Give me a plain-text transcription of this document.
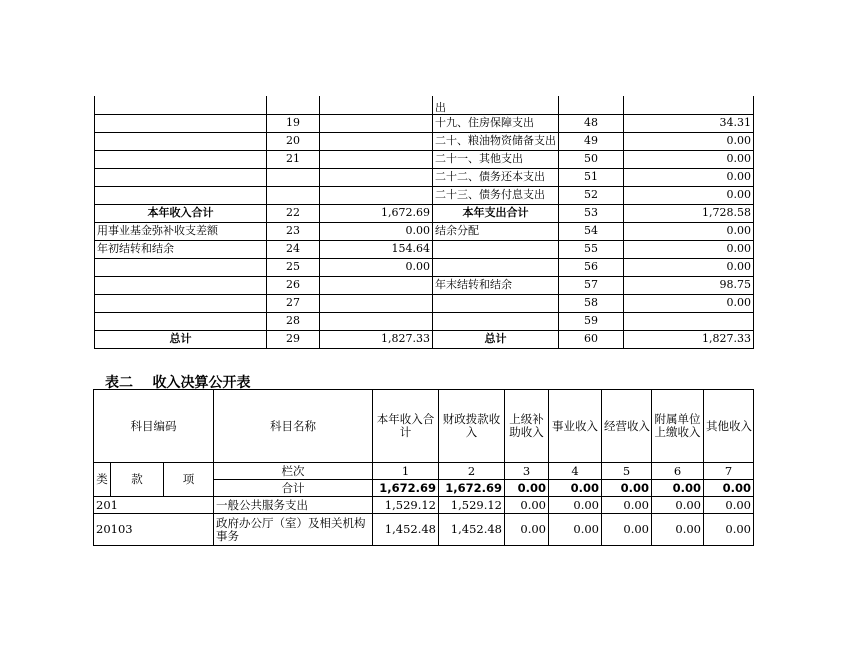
			出		
	19		十九、住房保障支出	48	34.31
	20		二十、粮油物资储备支出	49	0.00
	21		二十一、其他支出	50	0.00
			二十二、债务还本支出	51	0.00
			二十三、债务付息支出	52	0.00
本年收入合计	22	1,672.69	本年支出合计	53	1,728.58
用事业基金弥补收支差额	23	0.00	结余分配	54	0.00
年初结转和结余	24	154.64		55	0.00
	25	0.00		56	0.00
	26		年末结转和结余	57	98.75
	27			58	0.00
	28			59	
总计	29	1,827.33	总计	60	1,827.33
表二    收入决算公开表
科目编码			科目名称	本年收入合计	财政拨款收入	上级补助收入	事业收入	经营收入	附属单位上缴收入	其他收入
类	款	项	栏次	1	2	3	4	5	6	7
			合计	1,672.69	1,672.69	0.00	0.00	0.00	0.00	0.00
201			一般公共服务支出	1,529.12	1,529.12	0.00	0.00	0.00	0.00	0.00
20103			政府办公厅（室）及相关机构事务	1,452.48	1,452.48	0.00	0.00	0.00	0.00	0.00
